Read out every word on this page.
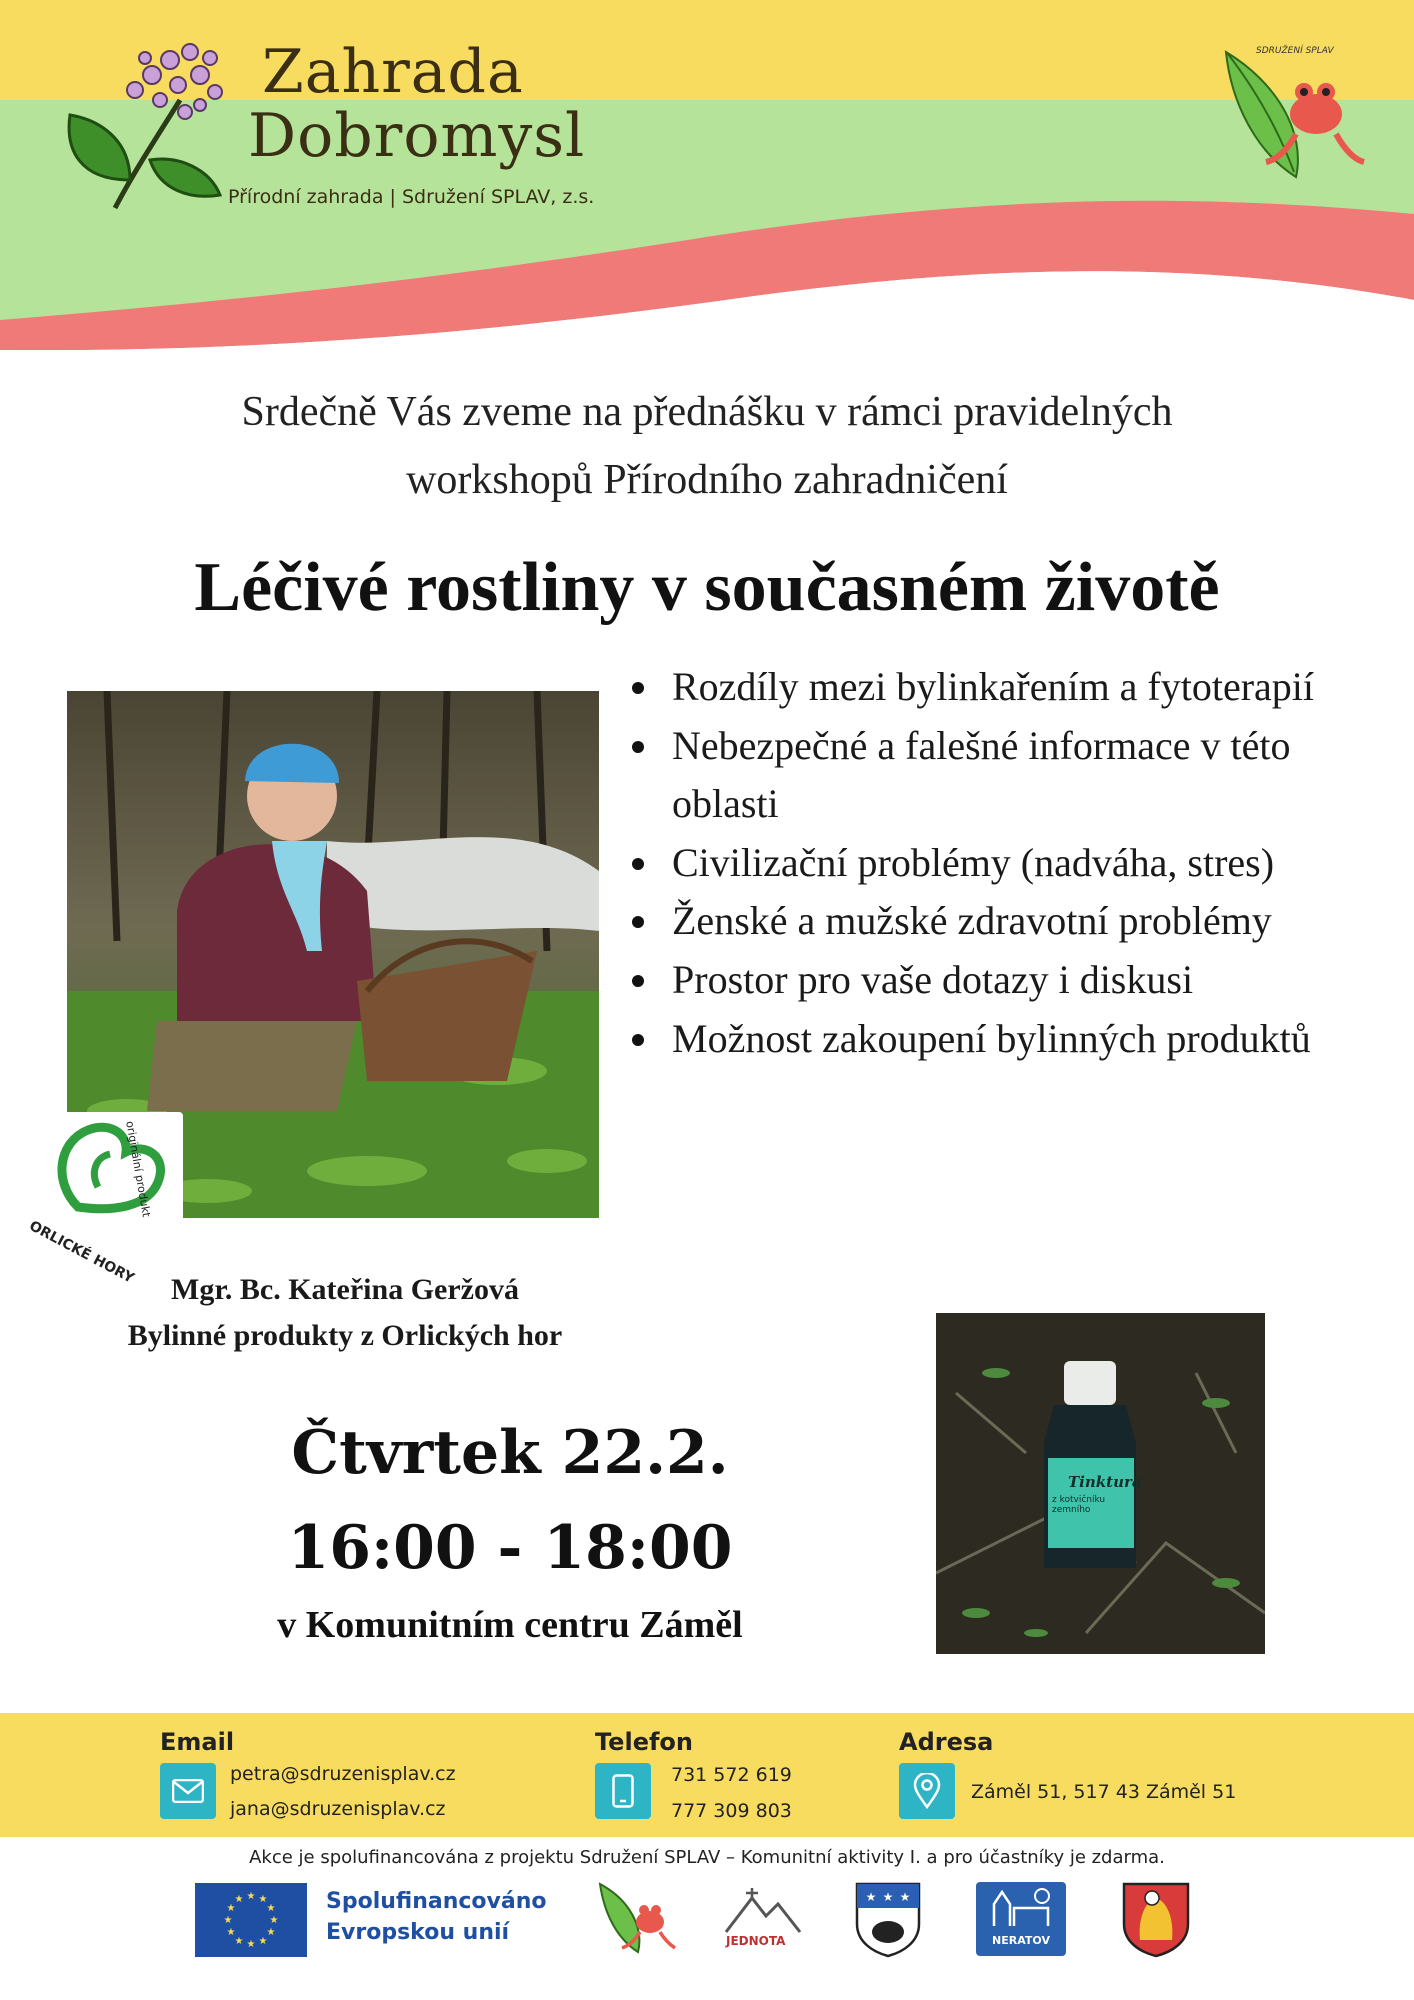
Zahrada
Dobromysl
Přírodní zahrada | Sdružení SPLAV, z.s.
SDRUŽENÍ SPLAV
Srdečně Vás zveme na přednášku v rámci pravidelných
workshopů Přírodního zahradničení
Léčivé rostliny v současném životě
ORLICKÉ HORY
originální produkt
Rozdíly mezi bylinkařením a fytoterapií
Nebezpečné a falešné informace v této oblasti
Civilizační problémy (nadváha, stres)
Ženské a mužské zdravotní problémy
Prostor pro vaše dotazy i diskusi
Možnost zakoupení bylinných produktů
Mgr. Bc. Kateřina Geržová
Bylinné produkty z Orlických hor
Čtvrtek 22.2.
16:00 - 18:00
v Komunitním centru Záměl
Tinktura
z kotvičníku zemního
Email
petra@sdruzenisplav.cz
jana@sdruzenisplav.cz
Telefon
731 572 619
777 309 803
Adresa
Záměl 51, 517 43 Záměl 51
Akce je spolufinancována z projektu Sdružení SPLAV – Komunitní aktivity I. a pro účastníky je zdarma.
★ ★
★
★
★
★
★
★
★
★
★
★	Spolufinancováno
Evropskou unií	JEDNOTA
★ ★ ★
NERATOV
